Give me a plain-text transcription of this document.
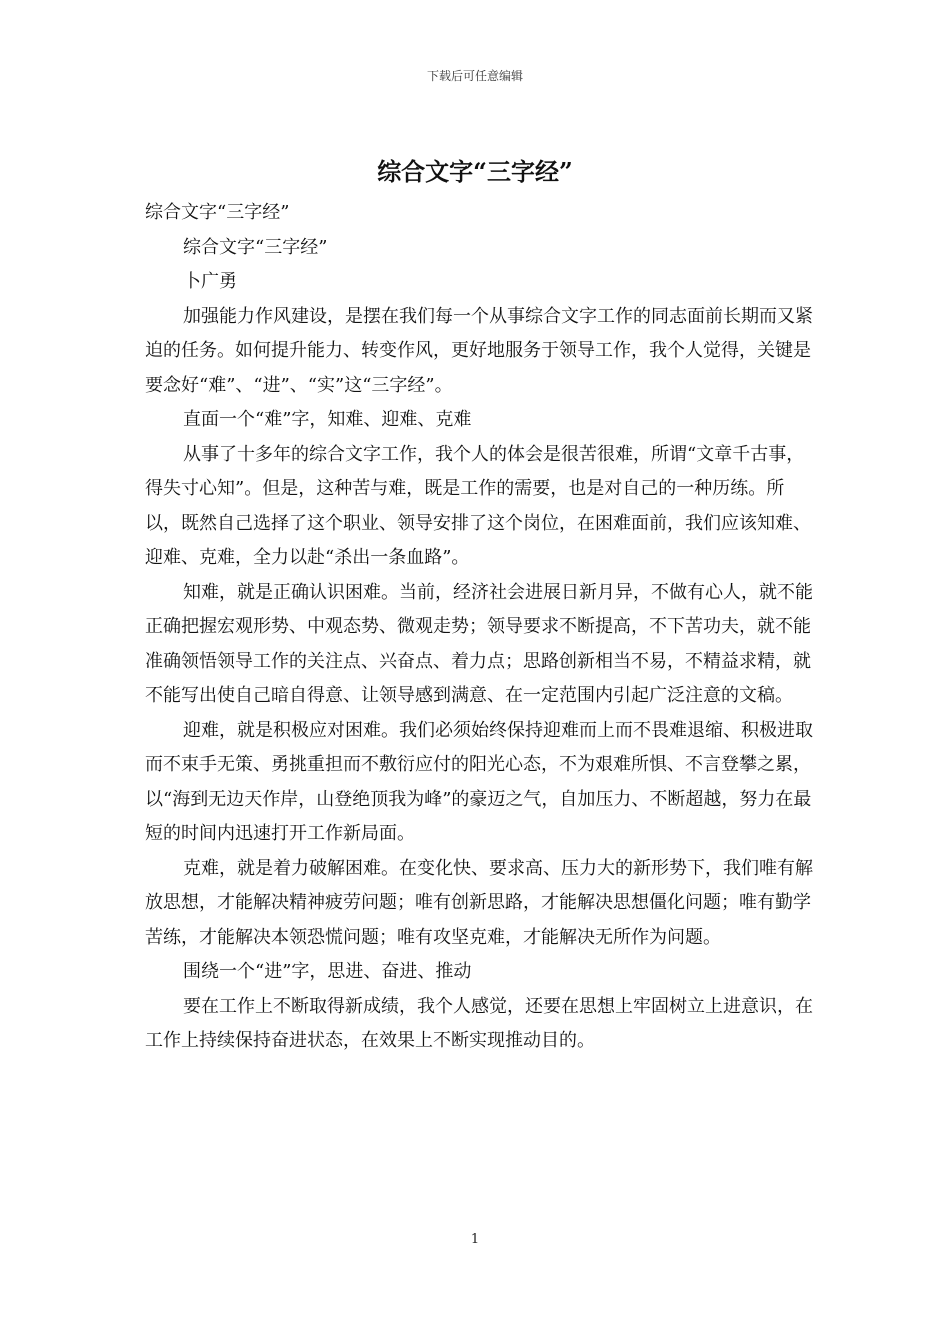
下载后可任意编辑
综合文字“三字经”

综合文字“三字经”

综合文字“三字经”

卜广勇

加强能力作风建设，是摆在我们每一个从事综合文字工作的同志面前长期而又紧迫的任务。如何提升能力、转变作风，更好地服务于领导工作，我个人觉得，关键是要念好“难”、“进”、“实”这“三字经”。

直面一个“难”字，知难、迎难、克难

从事了十多年的综合文字工作，我个人的体会是很苦很难，所谓“文章千古事，得失寸心知”。但是，这种苦与难，既是工作的需要，也是对自己的一种历练。所以，既然自己选择了这个职业、领导安排了这个岗位，在困难面前，我们应该知难、迎难、克难，全力以赴“杀出一条血路”。

知难，就是正确认识困难。当前，经济社会进展日新月异，不做有心人，就不能正确把握宏观形势、中观态势、微观走势；领导要求不断提高，不下苦功夫，就不能准确领悟领导工作的关注点、兴奋点、着力点；思路创新相当不易，不精益求精，就不能写出使自己暗自得意、让领导感到满意、在一定范围内引起广泛注意的文稿。

迎难，就是积极应对困难。我们必须始终保持迎难而上而不畏难退缩、积极进取而不束手无策、勇挑重担而不敷衍应付的阳光心态，不为艰难所惧、不言登攀之累，以“海到无边天作岸，山登绝顶我为峰”的豪迈之气，自加压力、不断超越，努力在最短的时间内迅速打开工作新局面。

克难，就是着力破解困难。在变化快、要求高、压力大的新形势下，我们唯有解放思想，才能解决精神疲劳问题；唯有创新思路，才能解决思想僵化问题；唯有勤学苦练，才能解决本领恐慌问题；唯有攻坚克难，才能解决无所作为问题。

围绕一个“进”字，思进、奋进、推动

要在工作上不断取得新成绩，我个人感觉，还要在思想上牢固树立上进意识，在工作上持续保持奋进状态，在效果上不断实现推动目的。

1
